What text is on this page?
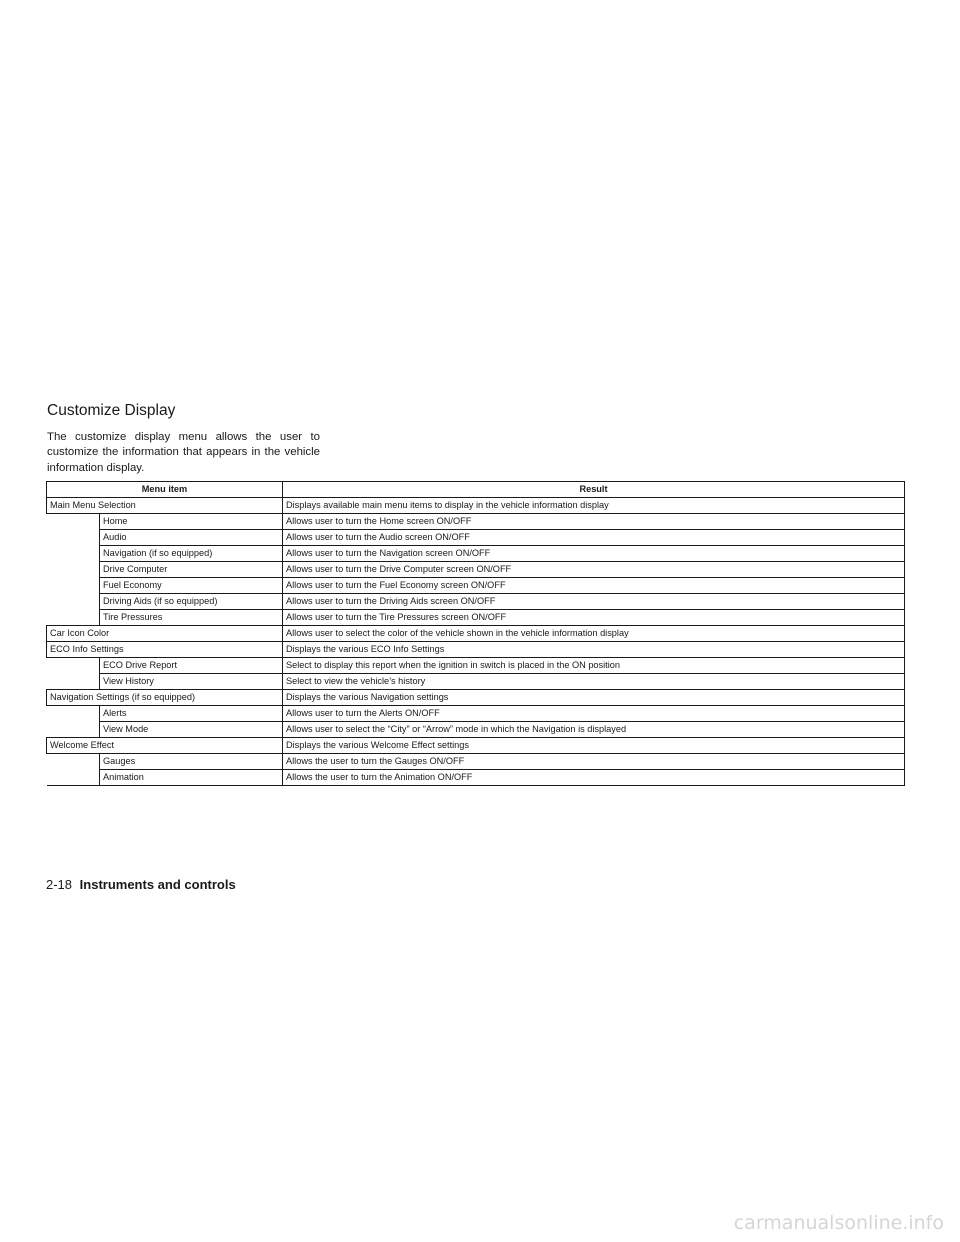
Customize Display

The customize display menu allows the user to customize the information that appears in the vehicle information display.

Menu item		Result
Main Menu Selection		Displays available main menu items to display in the vehicle information display
	Home	Allows user to turn the Home screen ON/OFF
	Audio	Allows user to turn the Audio screen ON/OFF
	Navigation (if so equipped)	Allows user to turn the Navigation screen ON/OFF
	Drive Computer	Allows user to turn the Drive Computer screen ON/OFF
	Fuel Economy	Allows user to turn the Fuel Economy screen ON/OFF
	Driving Aids (if so equipped)	Allows user to turn the Driving Aids screen ON/OFF
	Tire Pressures	Allows user to turn the Tire Pressures screen ON/OFF
Car Icon Color		Allows user to select the color of the vehicle shown in the vehicle information display
ECO Info Settings		Displays the various ECO Info Settings
	ECO Drive Report	Select to display this report when the ignition in switch is placed in the ON position
	View History	Select to view the vehicle’s history
Navigation Settings (if so equipped)		Displays the various Navigation settings
	Alerts	Allows user to turn the Alerts ON/OFF
	View Mode	Allows user to select the “City” or “Arrow” mode in which the Navigation is displayed
Welcome Effect		Displays the various Welcome Effect settings
	Gauges	Allows the user to turn the Gauges ON/OFF
	Animation	Allows the user to turn the Animation ON/OFF
2-18 Instruments and controls
carmanualsonline.info
